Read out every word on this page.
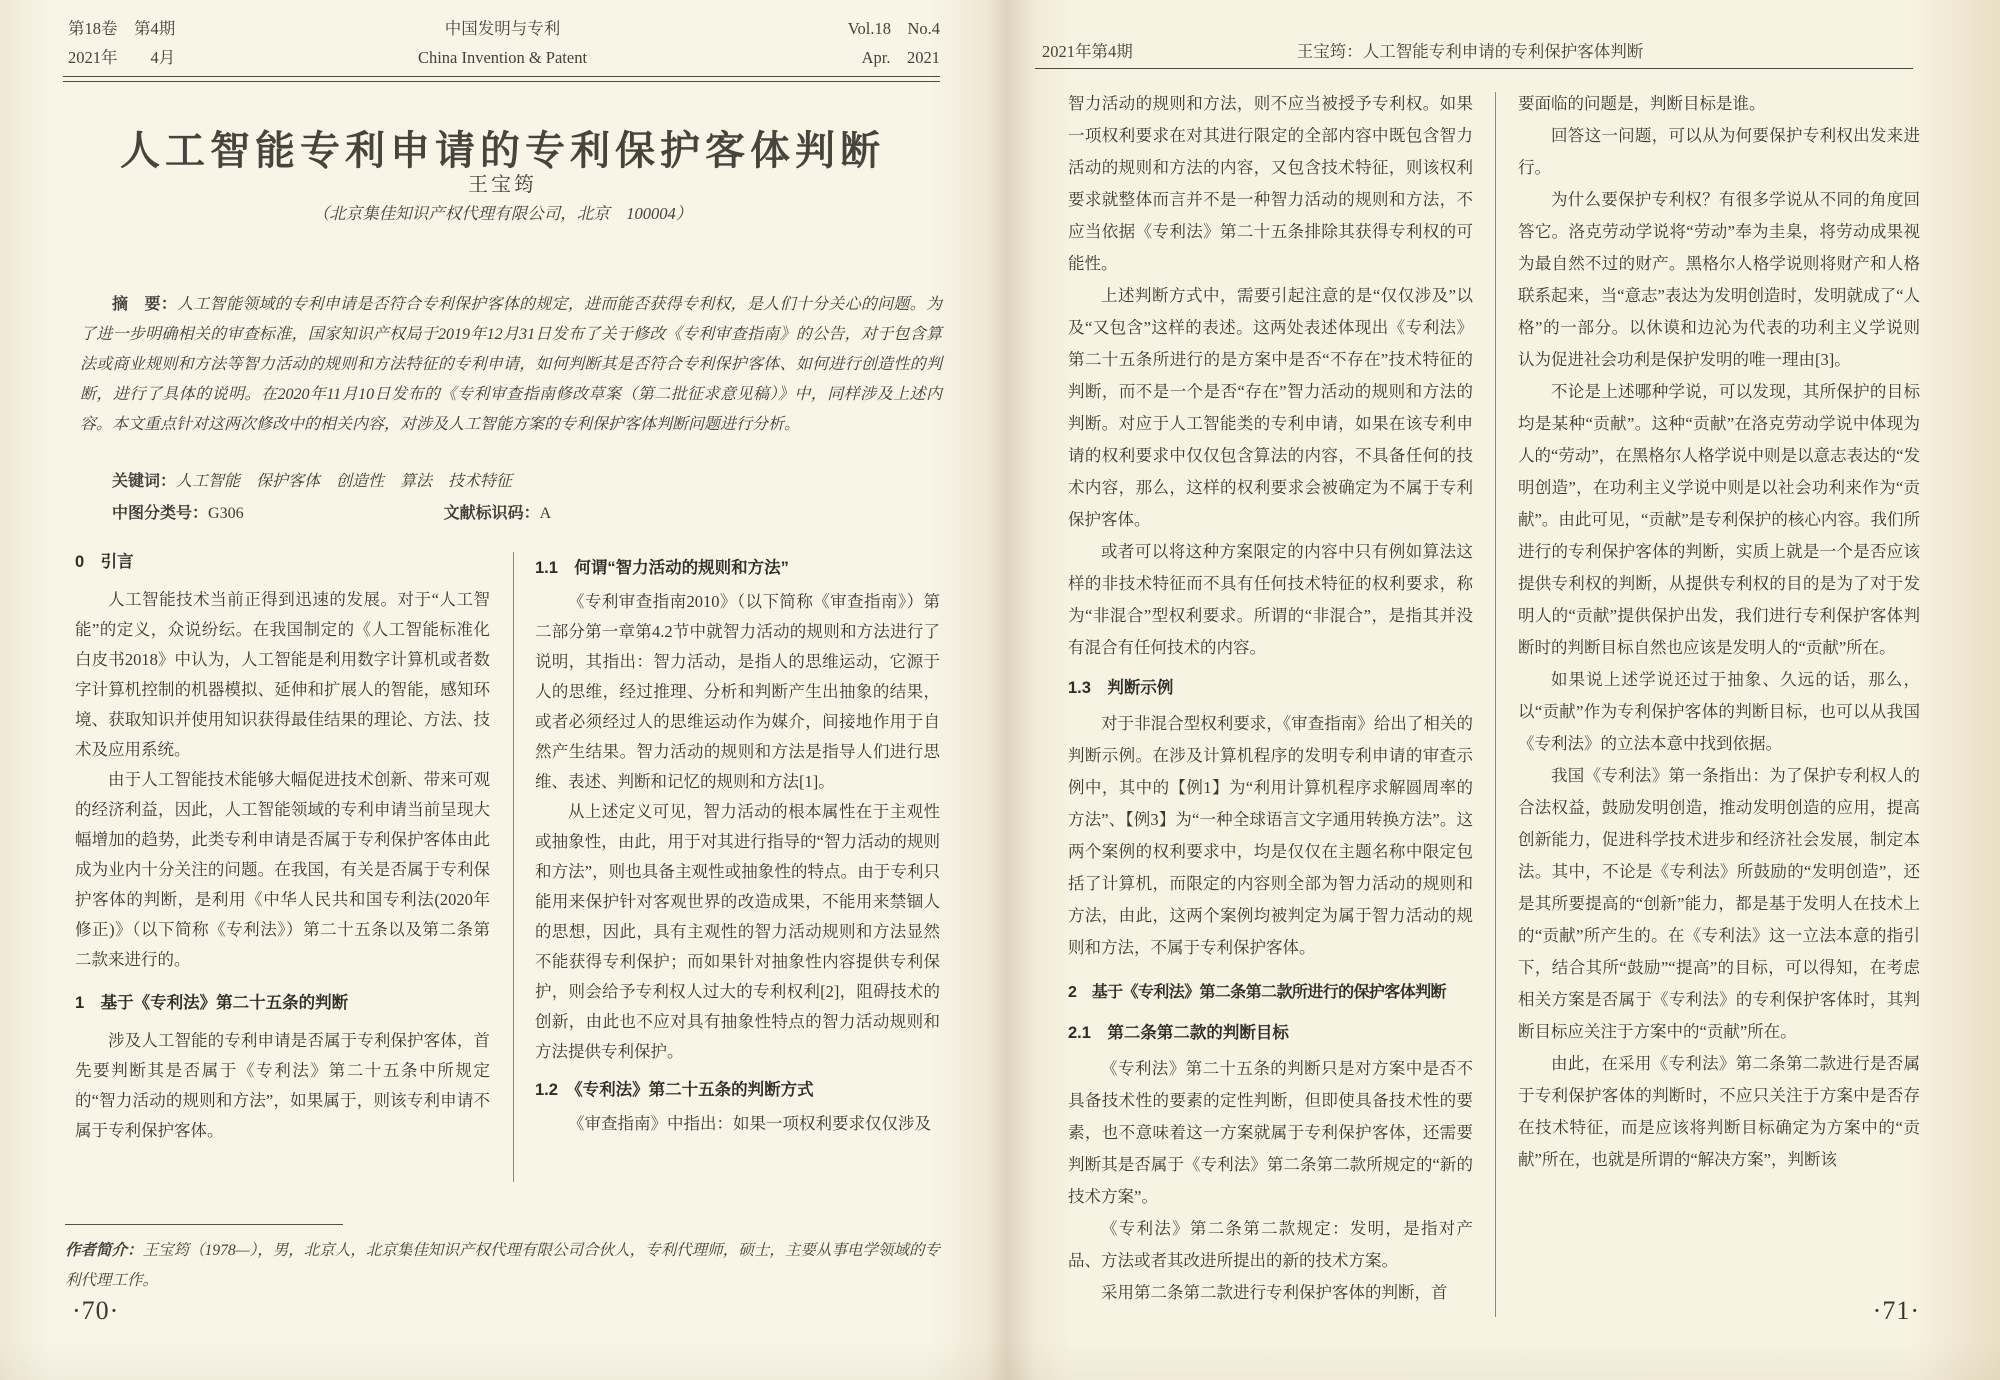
第18卷　第4期
2021年　　4月
中国发明与专利
China Invention & Patent
Vol.18　No.4
Apr.　2021
人工智能专利申请的专利保护客体判断
王宝筠
（北京集佳知识产权代理有限公司，北京　100004）
摘　要：人工智能领域的专利申请是否符合专利保护客体的规定，进而能否获得专利权，是人们十分关心的问题。为了进一步明确相关的审查标准，国家知识产权局于2019年12月31日发布了关于修改《专利审查指南》的公告，对于包含算法或商业规则和方法等智力活动的规则和方法特征的专利申请，如何判断其是否符合专利保护客体、如何进行创造性的判断，进行了具体的说明。在2020年11月10日发布的《专利审查指南修改草案（第二批征求意见稿）》中，同样涉及上述内容。本文重点针对这两次修改中的相关内容，对涉及人工智能方案的专利保护客体判断问题进行分析。
关键词：人工智能　保护客体　创造性　算法　技术特征
中图分类号：G306	文献标识码：A
0　引言

人工智能技术当前正得到迅速的发展。对于“人工智能”的定义，众说纷纭。在我国制定的《人工智能标准化白皮书2018》中认为，人工智能是利用数字计算机或者数字计算机控制的机器模拟、延伸和扩展人的智能，感知环境、获取知识并使用知识获得最佳结果的理论、方法、技术及应用系统。

由于人工智能技术能够大幅促进技术创新、带来可观的经济利益，因此，人工智能领域的专利申请当前呈现大幅增加的趋势，此类专利申请是否属于专利保护客体由此成为业内十分关注的问题。在我国，有关是否属于专利保护客体的判断，是利用《中华人民共和国专利法(2020年修正)》（以下简称《专利法》）第二十五条以及第二条第二款来进行的。

1　基于《专利法》第二十五条的判断

涉及人工智能的专利申请是否属于专利保护客体，首先要判断其是否属于《专利法》第二十五条中所规定的“智力活动的规则和方法”，如果属于，则该专利申请不属于专利保护客体。

1.1　何谓“智力活动的规则和方法”

《专利审查指南2010》（以下简称《审查指南》）第二部分第一章第4.2节中就智力活动的规则和方法进行了说明，其指出：智力活动，是指人的思维运动，它源于人的思维，经过推理、分析和判断产生出抽象的结果，或者必须经过人的思维运动作为媒介，间接地作用于自然产生结果。智力活动的规则和方法是指导人们进行思维、表述、判断和记忆的规则和方法[1]。

从上述定义可见，智力活动的根本属性在于主观性或抽象性，由此，用于对其进行指导的“智力活动的规则和方法”，则也具备主观性或抽象性的特点。由于专利只能用来保护针对客观世界的改造成果，不能用来禁锢人的思想，因此，具有主观性的智力活动规则和方法显然不能获得专利保护；而如果针对抽象性内容提供专利保护，则会给予专利权人过大的专利权利[2]，阻碍技术的创新，由此也不应对具有抽象性特点的智力活动规则和方法提供专利保护。

1.2　《专利法》第二十五条的判断方式

《审查指南》中指出：如果一项权利要求仅仅涉及

作者简介：王宝筠（1978—），男，北京人，北京集佳知识产权代理有限公司合伙人，专利代理师，硕士，主要从事电学领域的专利代理工作。
·70·
2021年第4期	王宝筠：人工智能专利申请的专利保护客体判断

智力活动的规则和方法，则不应当被授予专利权。如果一项权利要求在对其进行限定的全部内容中既包含智力活动的规则和方法的内容，又包含技术特征，则该权利要求就整体而言并不是一种智力活动的规则和方法，不应当依据《专利法》第二十五条排除其获得专利权的可能性。

上述判断方式中，需要引起注意的是“仅仅涉及”以及“又包含”这样的表述。这两处表述体现出《专利法》第二十五条所进行的是方案中是否“不存在”技术特征的判断，而不是一个是否“存在”智力活动的规则和方法的判断。对应于人工智能类的专利申请，如果在该专利申请的权利要求中仅仅包含算法的内容，不具备任何的技术内容，那么，这样的权利要求会被确定为不属于专利保护客体。

或者可以将这种方案限定的内容中只有例如算法这样的非技术特征而不具有任何技术特征的权利要求，称为“非混合”型权利要求。所谓的“非混合”，是指其并没有混合有任何技术的内容。

1.3　判断示例

对于非混合型权利要求，《审查指南》给出了相关的判断示例。在涉及计算机程序的发明专利申请的审查示例中，其中的【例1】为“利用计算机程序求解圆周率的方法”、【例3】为“一种全球语言文字通用转换方法”。这两个案例的权利要求中，均是仅仅在主题名称中限定包括了计算机，而限定的内容则全部为智力活动的规则和方法，由此，这两个案例均被判定为属于智力活动的规则和方法，不属于专利保护客体。

2　基于《专利法》第二条第二款所进行的保护客体判断
2.1　第二条第二款的判断目标

《专利法》第二十五条的判断只是对方案中是否不具备技术性的要素的定性判断，但即使具备技术性的要素，也不意味着这一方案就属于专利保护客体，还需要判断其是否属于《专利法》第二条第二款所规定的“新的技术方案”。

《专利法》第二条第二款规定：发明，是指对产品、方法或者其改进所提出的新的技术方案。

采用第二条第二款进行专利保护客体的判断，首

要面临的问题是，判断目标是谁。

回答这一问题，可以从为何要保护专利权出发来进行。

为什么要保护专利权？有很多学说从不同的角度回答它。洛克劳动学说将“劳动”奉为圭臬，将劳动成果视为最自然不过的财产。黑格尔人格学说则将财产和人格联系起来，当“意志”表达为发明创造时，发明就成了“人格”的一部分。以休谟和边沁为代表的功利主义学说则认为促进社会功利是保护发明的唯一理由[3]。

不论是上述哪种学说，可以发现，其所保护的目标均是某种“贡献”。这种“贡献”在洛克劳动学说中体现为人的“劳动”，在黑格尔人格学说中则是以意志表达的“发明创造”，在功利主义学说中则是以社会功利来作为“贡献”。由此可见，“贡献”是专利保护的核心内容。我们所进行的专利保护客体的判断，实质上就是一个是否应该提供专利权的判断，从提供专利权的目的是为了对于发明人的“贡献”提供保护出发，我们进行专利保护客体判断时的判断目标自然也应该是发明人的“贡献”所在。

如果说上述学说还过于抽象、久远的话，那么，以“贡献”作为专利保护客体的判断目标，也可以从我国《专利法》的立法本意中找到依据。

我国《专利法》第一条指出：为了保护专利权人的合法权益，鼓励发明创造，推动发明创造的应用，提高创新能力，促进科学技术进步和经济社会发展，制定本法。其中，不论是《专利法》所鼓励的“发明创造”，还是其所要提高的“创新”能力，都是基于发明人在技术上的“贡献”所产生的。在《专利法》这一立法本意的指引下，结合其所“鼓励”“提高”的目标，可以得知，在考虑相关方案是否属于《专利法》的专利保护客体时，其判断目标应关注于方案中的“贡献”所在。

由此，在采用《专利法》第二条第二款进行是否属于专利保护客体的判断时，不应只关注于方案中是否存在技术特征，而是应该将判断目标确定为方案中的“贡献”所在，也就是所谓的“解决方案”，判断该

·71·
